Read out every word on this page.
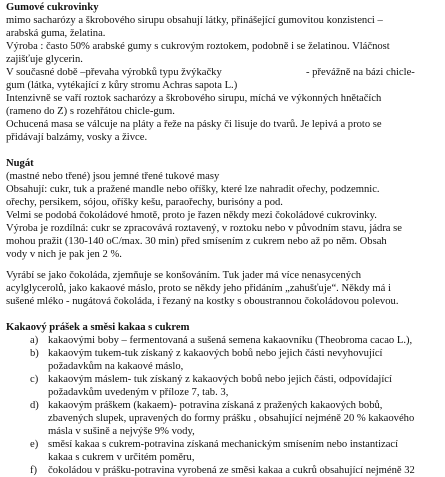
Gumové cukrovinky
mimo sacharózy a škrobového sirupu obsahují látky, přinášející gumovitou konzistenci –
arabská guma, želatina.
Výroba : často 50% arabské gumy s cukrovým roztokem, podobně i se želatinou. Vláčnost
zajišťuje glycerin.
V současné době –převaha výrobků typu žvýkačky	- převážně na bázi chicle-
gum (látka, vytékající z kůry stromu Achras sapota L.)
Intenzivně se vaří roztok sacharózy a škrobového sirupu, míchá ve výkonných hnětačích
(rameno do Z) s rozehřátou chicle-gum.
Ochucená masa se válcuje na pláty a řeže na pásky či lisuje do tvarů. Je lepivá a proto se
přidávají balzámy, vosky a živce.
Nugát
(mastné nebo třené) jsou jemné třené tukové masy
Obsahují: cukr, tuk a pražené mandle nebo oříšky, které lze nahradit ořechy, podzemnic.
ořechy, persikem, sójou, oříšky kešu, paraořechy, burisóny a pod.
Velmi se podobá čokoládové hmotě, proto je řazen někdy mezi čokoládové cukrovinky.
Výroba je rozdílná: cukr se zpracovává roztavený, v roztoku nebo v původním stavu, jádra se
mohou pražit (130-140 oC/max. 30 min) před smísením z cukrem nebo až po něm. Obsah
vody v nich je pak jen 2 %.
Vyrábí se jako čokoláda, zjemňuje se konšováním. Tuk jader má více nenasycených
acylglycerolů, jako kakaové máslo, proto se někdy jeho přidáním „zahušťuje“. Někdy má i
sušené mléko - nugátová čokoláda, i řezaný na kostky s oboustrannou čokoládovou polevou.
Kakaový prášek a směsi kakaa s cukrem
a) kakaovými boby – fermentovaná a sušená semena kakaovníku (Theobroma cacao L.),
b) kakaovým tukem-tuk získaný z kakaových bobů nebo jejich části nevyhovující
požadavkům na kakaové máslo,
c) kakaovým máslem- tuk získaný z kakaových bobů nebo jejich části, odpovídající
požadavkům uvedeným v příloze 7, tab. 3,
d) kakaovým práškem (kakaem)- potravina získaná z pražených kakaových bobů,
zbavených slupek, upravených do formy prášku , obsahující nejméně 20 % kakaového
másla v sušině a nejvýše 9% vody,
e) směsí kakaa s cukrem-potravina získaná mechanickým smísením nebo instantizací
kakaa s cukrem v určitém poměru,
f) čokoládou v prášku-potravina vyrobená ze směsi kakaa a cukrů obsahující nejméně 32
